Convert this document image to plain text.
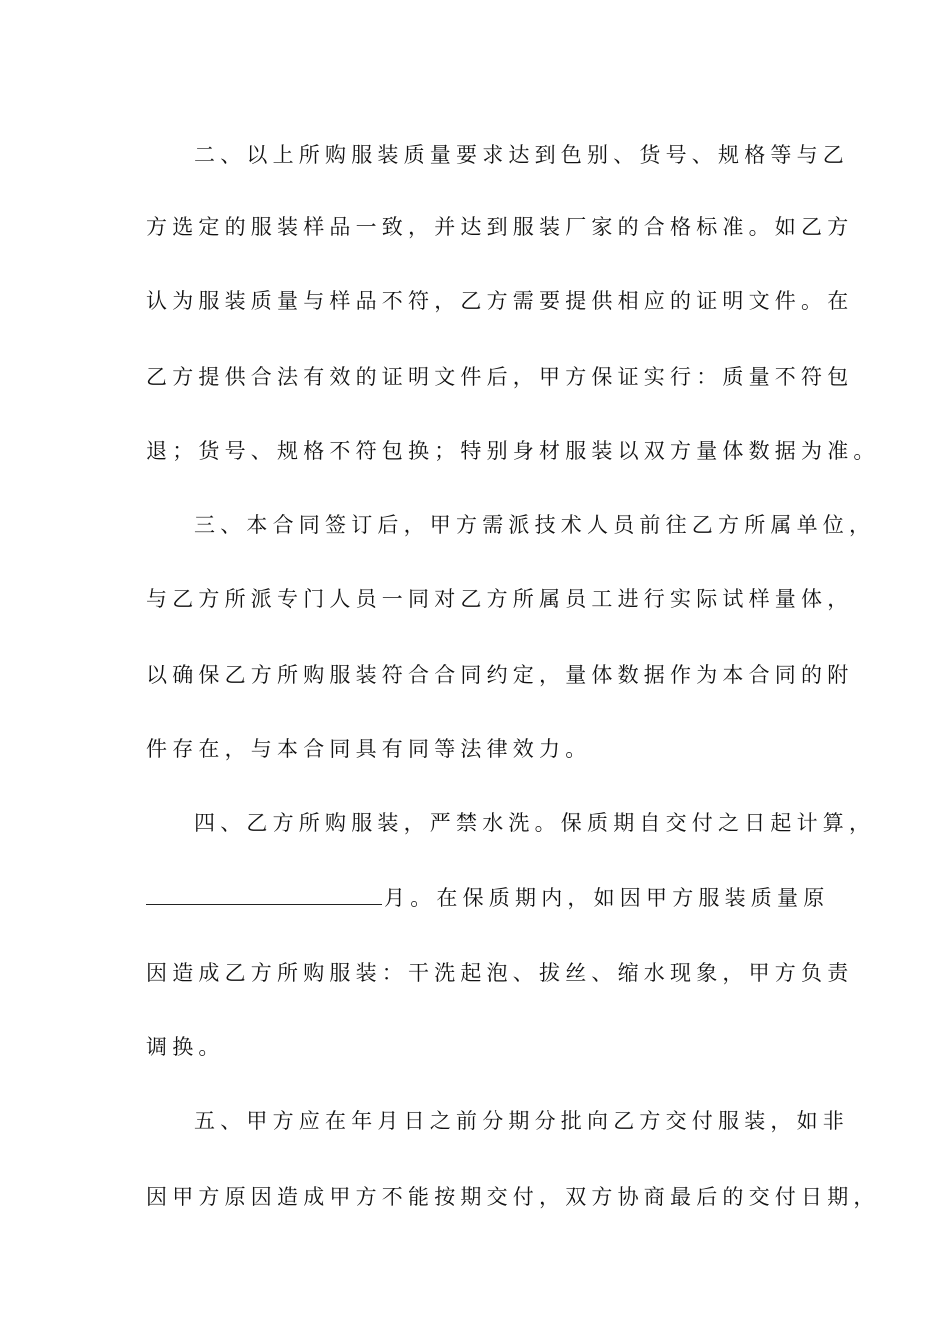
二、以上所购服装质量要求达到色别、货号、规格等与乙
方选定的服装样品一致，并达到服装厂家的合格标准。如乙方
认为服装质量与样品不符，乙方需要提供相应的证明文件。在
乙方提供合法有效的证明文件后，甲方保证实行：质量不符包
退；货号、规格不符包换；特别身材服装以双方量体数据为准。
三、本合同签订后，甲方需派技术人员前往乙方所属单位，
与乙方所派专门人员一同对乙方所属员工进行实际试样量体，
以确保乙方所购服装符合合同约定，量体数据作为本合同的附
件存在，与本合同具有同等法律效力。
四、乙方所购服装，严禁水洗。保质期自交付之日起计算，
月。在保质期内，如因甲方服装质量原
因造成乙方所购服装：干洗起泡、拔丝、缩水现象，甲方负责
调换。
五、甲方应在年月日之前分期分批向乙方交付服装，如非
因甲方原因造成甲方不能按期交付，双方协商最后的交付日期，
